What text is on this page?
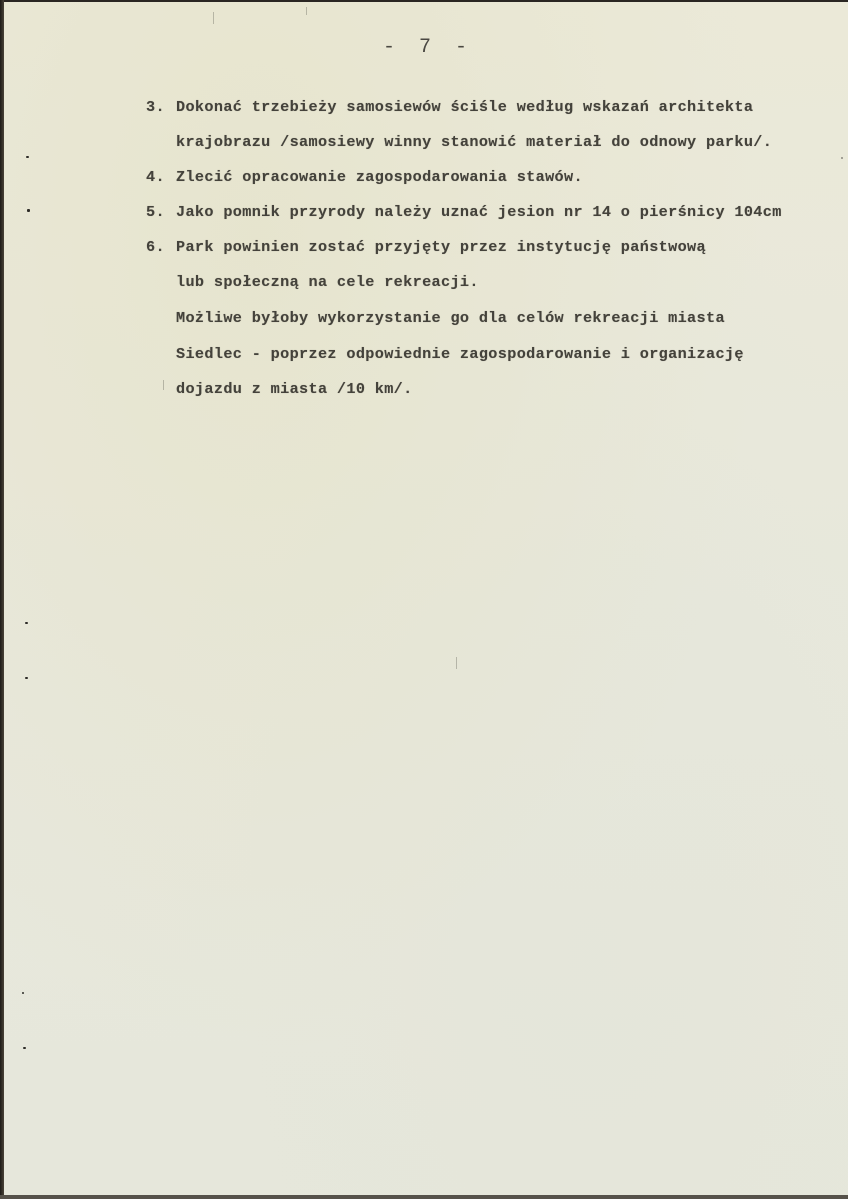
- 7 -
3. Dokonać trzebieży samosiewów ściśle według wskazań architekta
krajobrazu /samosiewy winny stanowić materiał do odnowy parku/.
4. Zlecić opracowanie zagospodarowania stawów.
5. Jako pomnik przyrody należy uznać jesion nr 14 o pierśnicy 104cm
6. Park powinien zostać przyjęty przez instytucję państwową
lub społeczną na cele rekreacji.
Możliwe byłoby wykorzystanie go dla celów rekreacji miasta
Siedlec - poprzez odpowiednie zagospodarowanie i organizację
dojazdu z miasta /10 km/.
